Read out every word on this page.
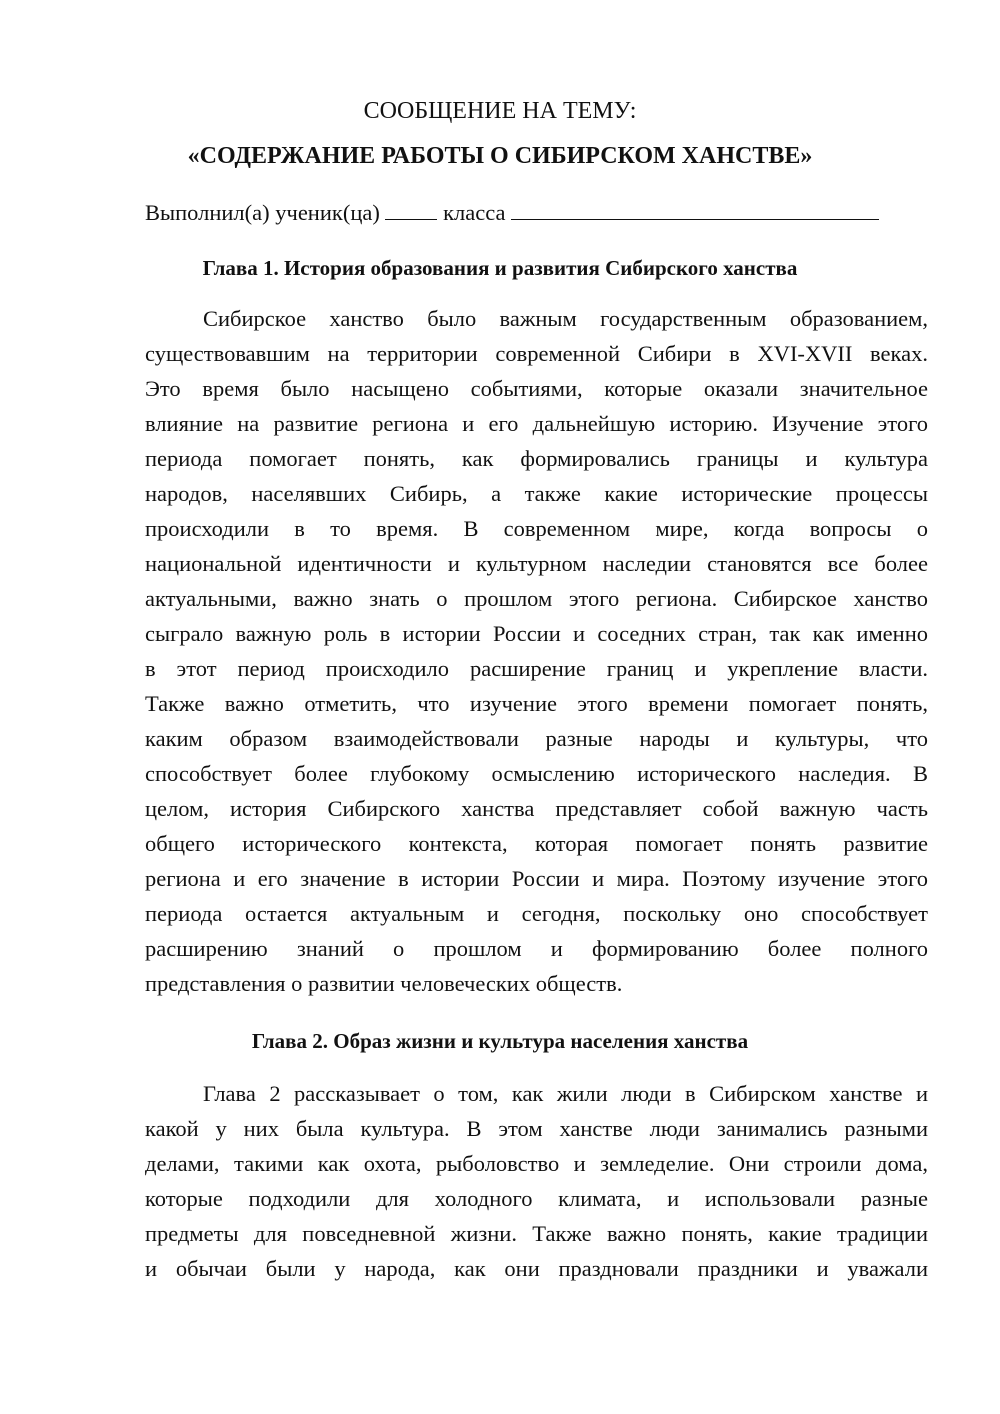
СООБЩЕНИЕ НА ТЕМУ:
«СОДЕРЖАНИЕ РАБОТЫ О СИБИРСКОМ ХАНСТВЕ»
Выполнил(а) ученик(ца)	класса
Глава 1. История образования и развития Сибирского ханства
Сибирское ханство было важным государственным образованием,
существовавшим на территории современной Сибири в XVI-XVII веках.
Это время было насыщено событиями, которые оказали значительное
влияние на развитие региона и его дальнейшую историю. Изучение этого
периода помогает понять, как формировались границы и культура
народов, населявших Сибирь, а также какие исторические процессы
происходили в то время. В современном мире, когда вопросы о
национальной идентичности и культурном наследии становятся все более
актуальными, важно знать о прошлом этого региона. Сибирское ханство
сыграло важную роль в истории России и соседних стран, так как именно
в этот период происходило расширение границ и укрепление власти.
Также важно отметить, что изучение этого времени помогает понять,
каким образом взаимодействовали разные народы и культуры, что
способствует более глубокому осмыслению исторического наследия. В
целом, история Сибирского ханства представляет собой важную часть
общего исторического контекста, которая помогает понять развитие
региона и его значение в истории России и мира. Поэтому изучение этого
периода остается актуальным и сегодня, поскольку оно способствует
расширению знаний о прошлом и формированию более полного
представления о развитии человеческих обществ.
Глава 2. Образ жизни и культура населения ханства
Глава 2 рассказывает о том, как жили люди в Сибирском ханстве и
какой у них была культура. В этом ханстве люди занимались разными
делами, такими как охота, рыболовство и земледелие. Они строили дома,
которые подходили для холодного климата, и использовали разные
предметы для повседневной жизни. Также важно понять, какие традиции
и обычаи были у народа, как они праздновали праздники и уважали
